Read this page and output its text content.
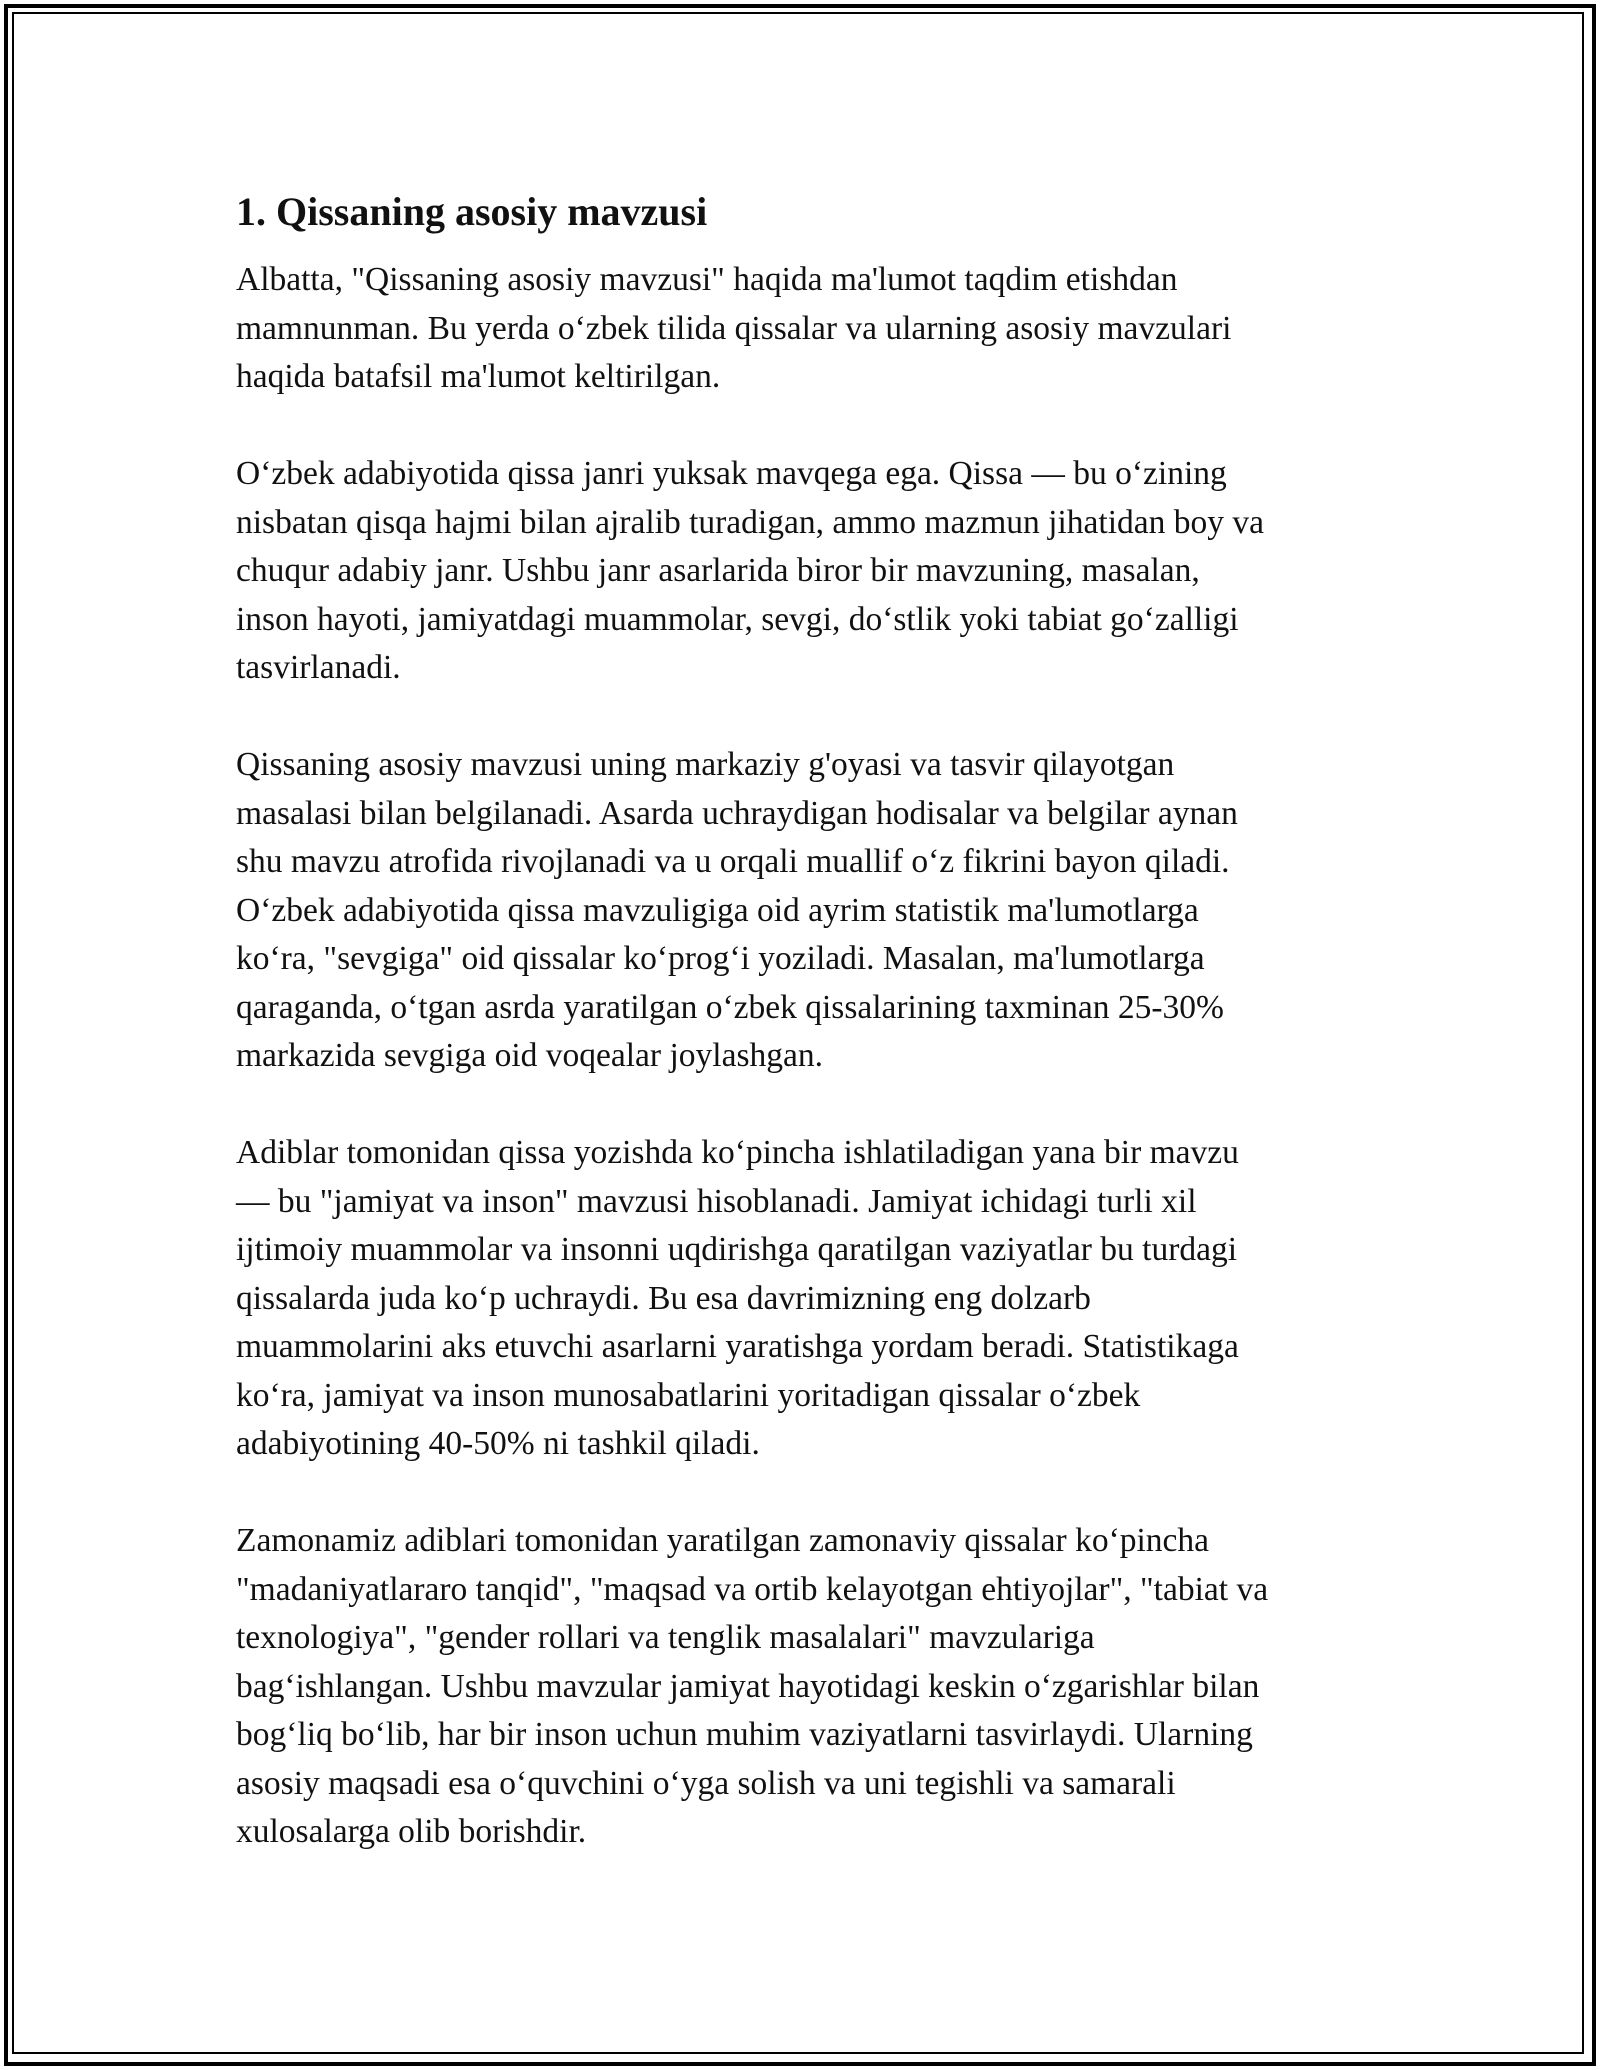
1. Qissaning asosiy mavzusi

Albatta, "Qissaning asosiy mavzusi" haqida ma'lumot taqdim etishdan
mamnunman. Bu yerda o‘zbek tilida qissalar va ularning asosiy mavzulari
haqida batafsil ma'lumot keltirilgan.

O‘zbek adabiyotida qissa janri yuksak mavqega ega. Qissa — bu o‘zining
nisbatan qisqa hajmi bilan ajralib turadigan, ammo mazmun jihatidan boy va
chuqur adabiy janr. Ushbu janr asarlarida biror bir mavzuning, masalan,
inson hayoti, jamiyatdagi muammolar, sevgi, do‘stlik yoki tabiat go‘zalligi
tasvirlanadi.

Qissaning asosiy mavzusi uning markaziy g'oyasi va tasvir qilayotgan
masalasi bilan belgilanadi. Asarda uchraydigan hodisalar va belgilar aynan
shu mavzu atrofida rivojlanadi va u orqali muallif o‘z fikrini bayon qiladi.
O‘zbek adabiyotida qissa mavzuligiga oid ayrim statistik ma'lumotlarga
ko‘ra, "sevgiga" oid qissalar ko‘prog‘i yoziladi. Masalan, ma'lumotlarga
qaraganda, o‘tgan asrda yaratilgan o‘zbek qissalarining taxminan 25-30%
markazida sevgiga oid voqealar joylashgan.

Adiblar tomonidan qissa yozishda ko‘pincha ishlatiladigan yana bir mavzu
— bu "jamiyat va inson" mavzusi hisoblanadi. Jamiyat ichidagi turli xil
ijtimoiy muammolar va insonni uqdirishga qaratilgan vaziyatlar bu turdagi
qissalarda juda ko‘p uchraydi. Bu esa davrimizning eng dolzarb
muammolarini aks etuvchi asarlarni yaratishga yordam beradi. Statistikaga
ko‘ra, jamiyat va inson munosabatlarini yoritadigan qissalar o‘zbek
adabiyotining 40-50% ni tashkil qiladi.

Zamonamiz adiblari tomonidan yaratilgan zamonaviy qissalar ko‘pincha
"madaniyatlararo tanqid", "maqsad va ortib kelayotgan ehtiyojlar", "tabiat va
texnologiya", "gender rollari va tenglik masalalari" mavzulariga
bag‘ishlangan. Ushbu mavzular jamiyat hayotidagi keskin o‘zgarishlar bilan
bog‘liq bo‘lib, har bir inson uchun muhim vaziyatlarni tasvirlaydi. Ularning
asosiy maqsadi esa o‘quvchini o‘yga solish va uni tegishli va samarali
xulosalarga olib borishdir.
